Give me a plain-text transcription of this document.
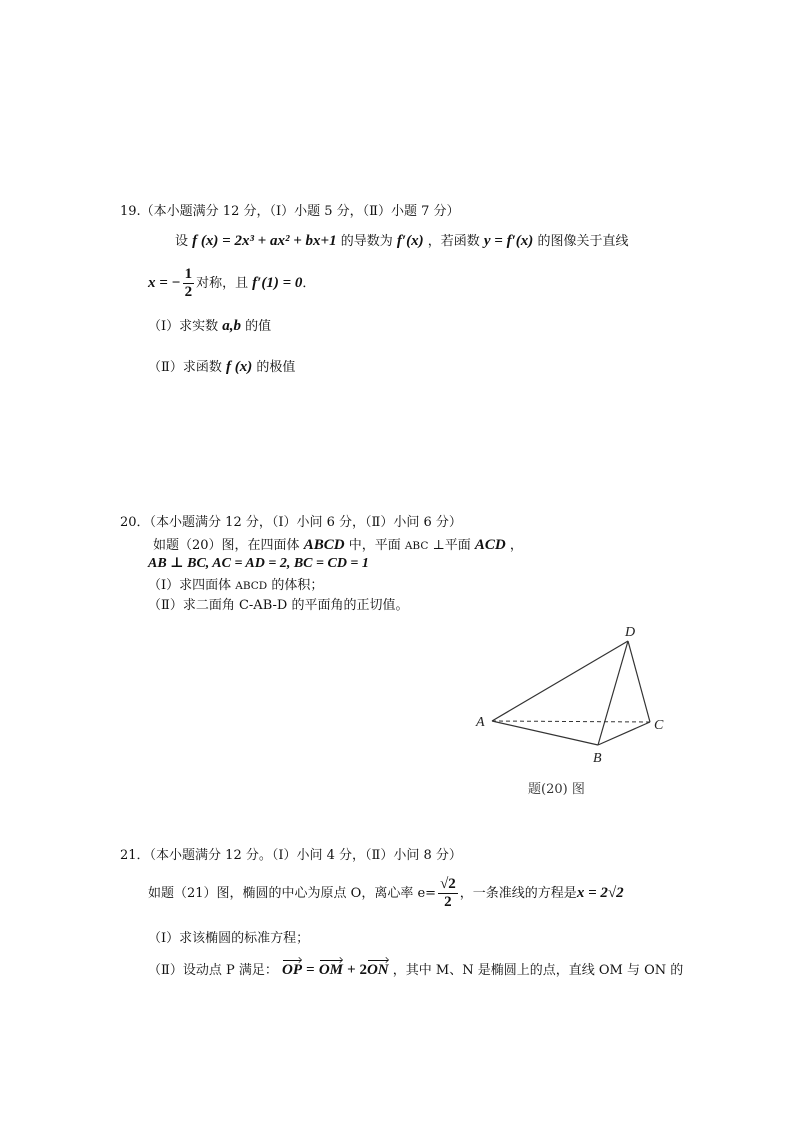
19.（本小题满分 12 分，（Ⅰ）小题 5 分，（Ⅱ）小题 7 分）
设 f (x) = 2x³ + ax² + bx+1 的导数为 f′(x) ，若函数 y = f′(x) 的图像关于直线
x = − $\frac{1}{2}$ 对称，且 f′(1) = 0 ．
（Ⅰ）求实数 a,b 的值
（Ⅱ）求函数 f (x) 的极值
20．（本小题满分 12 分，（Ⅰ）小问 6 分，（Ⅱ）小问 6 分）
如题（20）图，在四面体 ABCD 中，平面 ABC ⊥平面 ACD ，
AB ⊥ BC, AC = AD = 2, BC = CD = 1
（Ⅰ）求四面体 ABCD 的体积；
（Ⅱ）求二面角 C-AB-D 的平面角的正切值。
A
B
C
D
题(20) 图
21．（本小题满分 12 分。（Ⅰ）小问 4 分，（Ⅱ）小问 8 分）
如题（21）图，椭圆的中心为原点 O，离心率 $e= \frac{√2}{2}$ ，一条准线的方程是 x = 2√2
（Ⅰ）求该椭圆的标准方程；
（Ⅱ）设动点 P 满足： OP = OM + 2ON ，其中 M、N 是椭圆上的点，直线 OM 与 ON 的
